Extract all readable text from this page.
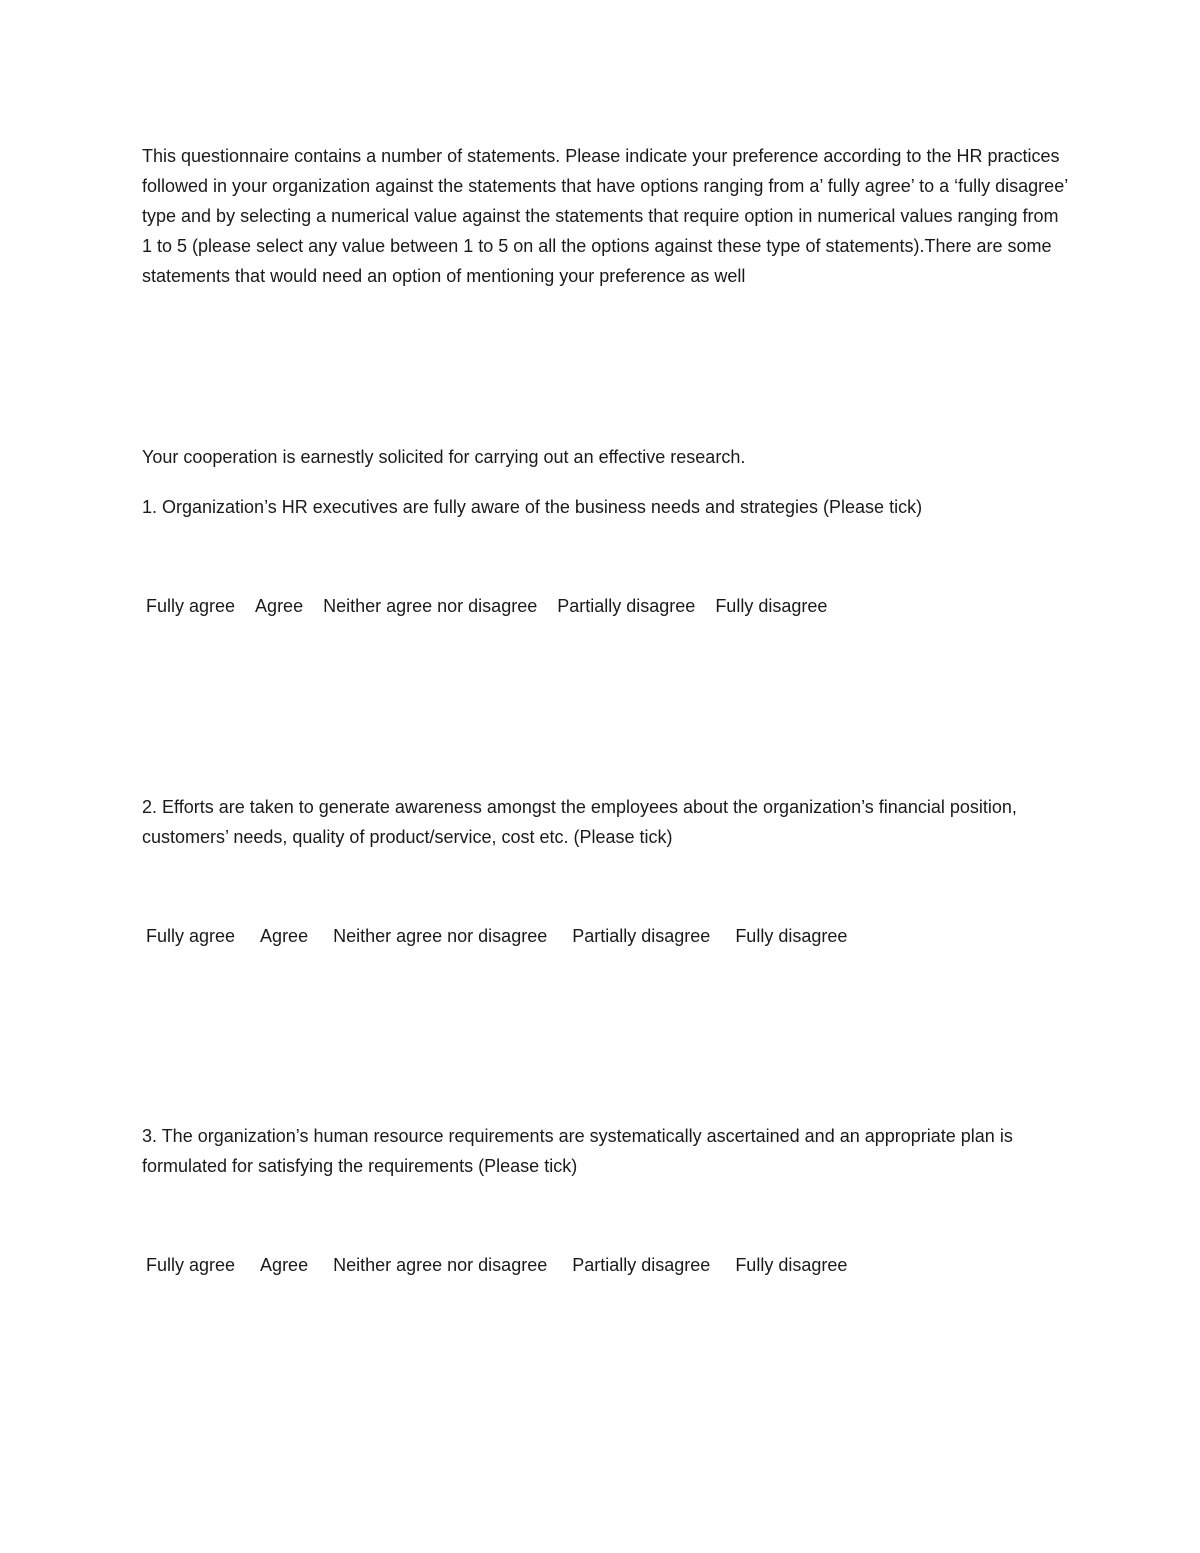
This questionnaire contains a number of statements. Please indicate your preference according to the HR practices followed in your organization against the statements that have options ranging from a’ fully agree’ to a ‘fully disagree’ type and by selecting a numerical value against the statements that require option in numerical values ranging from 1 to 5 (please select any value between 1 to 5 on all the options against these type of statements).There are some statements that would need an option of mentioning your preference as well

Your cooperation is earnestly solicited for carrying out an effective research.

1. Organization’s HR executives are fully aware of the business needs and strategies (Please tick)

Fully agree Agree Neither agree nor disagree Partially disagree Fully disagree

2. Efforts are taken to generate awareness amongst the employees about the organization’s financial position, customers’ needs, quality of product/service, cost etc. (Please tick)

Fully agree Agree Neither agree nor disagree Partially disagree Fully disagree

3. The organization’s human resource requirements are systematically ascertained and an appropriate plan is formulated for satisfying the requirements (Please tick)

Fully agree Agree Neither agree nor disagree Partially disagree Fully disagree
